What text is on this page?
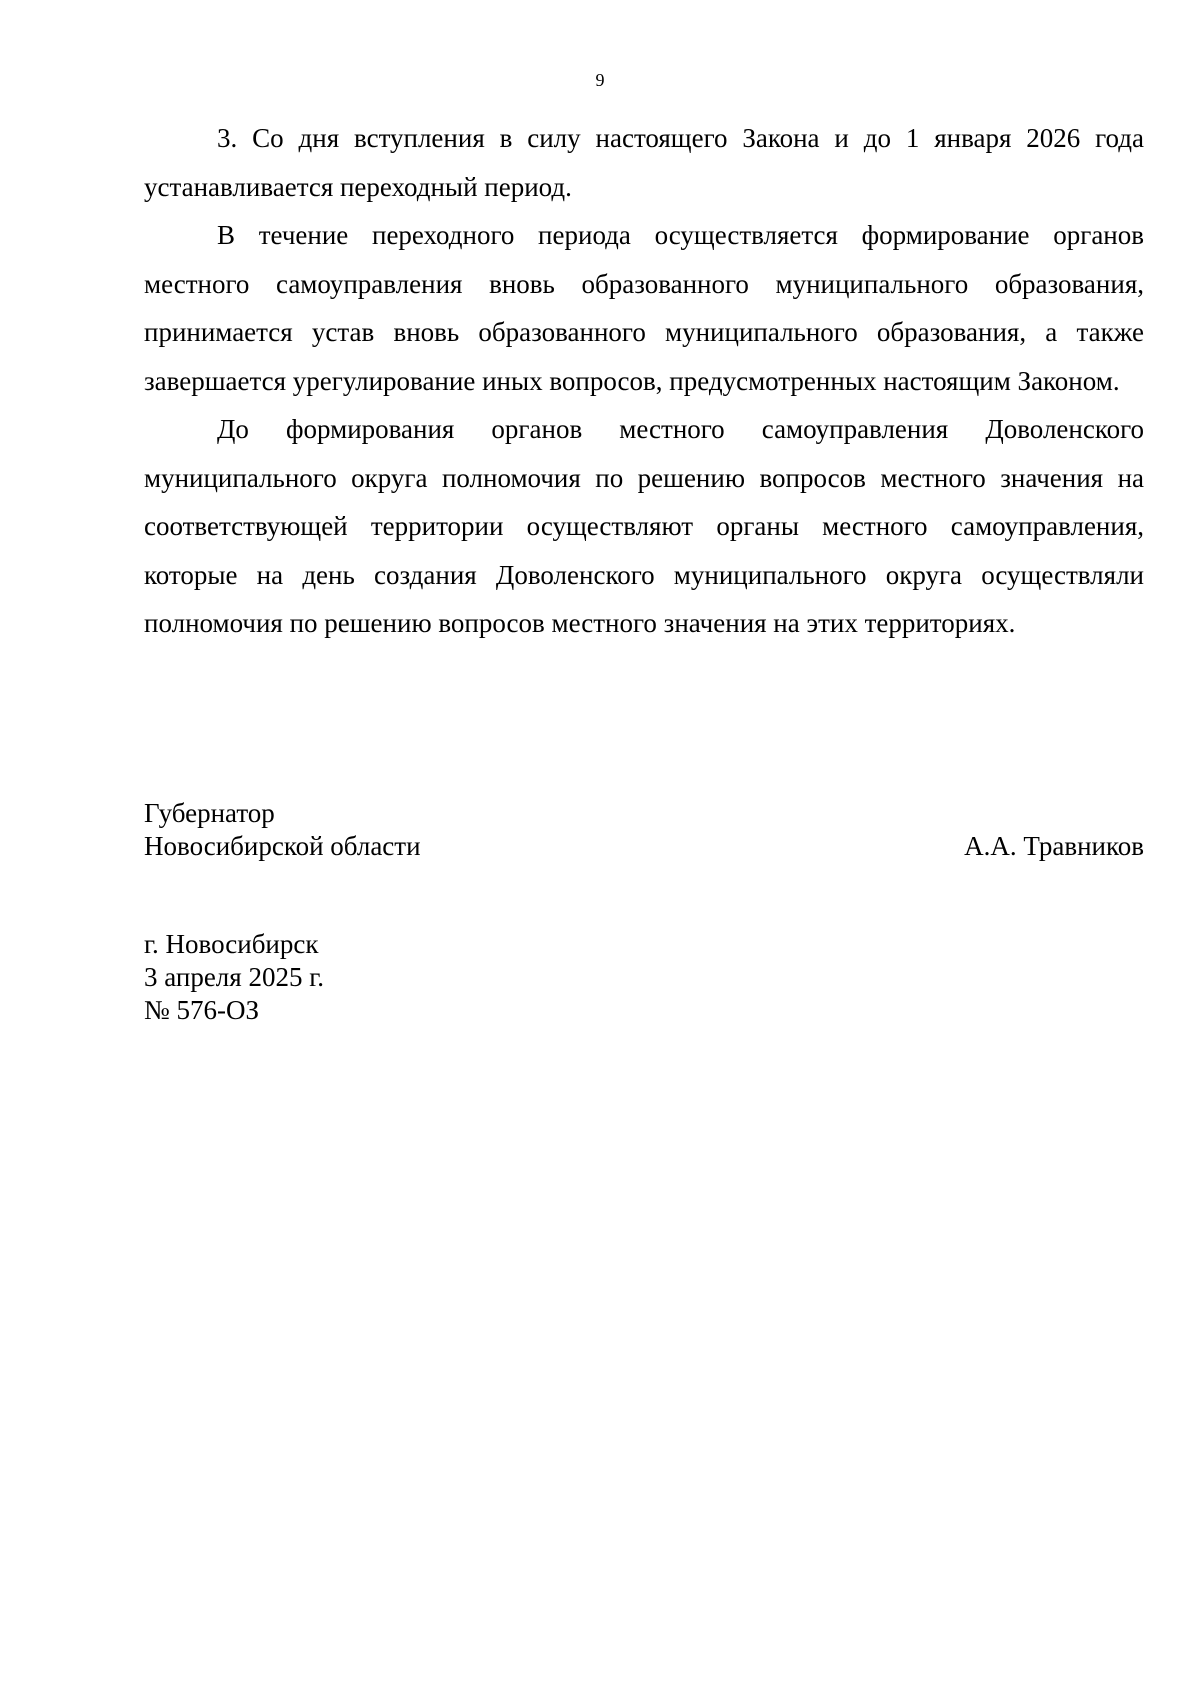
9

3. Со дня вступления в силу настоящего Закона и до 1 января 2026 года устанавливается переходный период.

В течение переходного периода осуществляется формирование органов местного самоуправления вновь образованного муниципального образования, принимается устав вновь образованного муниципального образования, а также завершается урегулирование иных вопросов, предусмотренных настоящим Законом.

До формирования органов местного самоуправления Доволенского муниципального округа полномочия по решению вопросов местного значения на соответствующей территории осуществляют органы местного самоуправления, которые на день создания Доволенского муниципального округа осуществляли полномочия по решению вопросов местного значения на этих территориях.

Губернатор
Новосибирской области	А.А. Травников
г. Новосибирск
3 апреля 2025 г.
№ 576-ОЗ
